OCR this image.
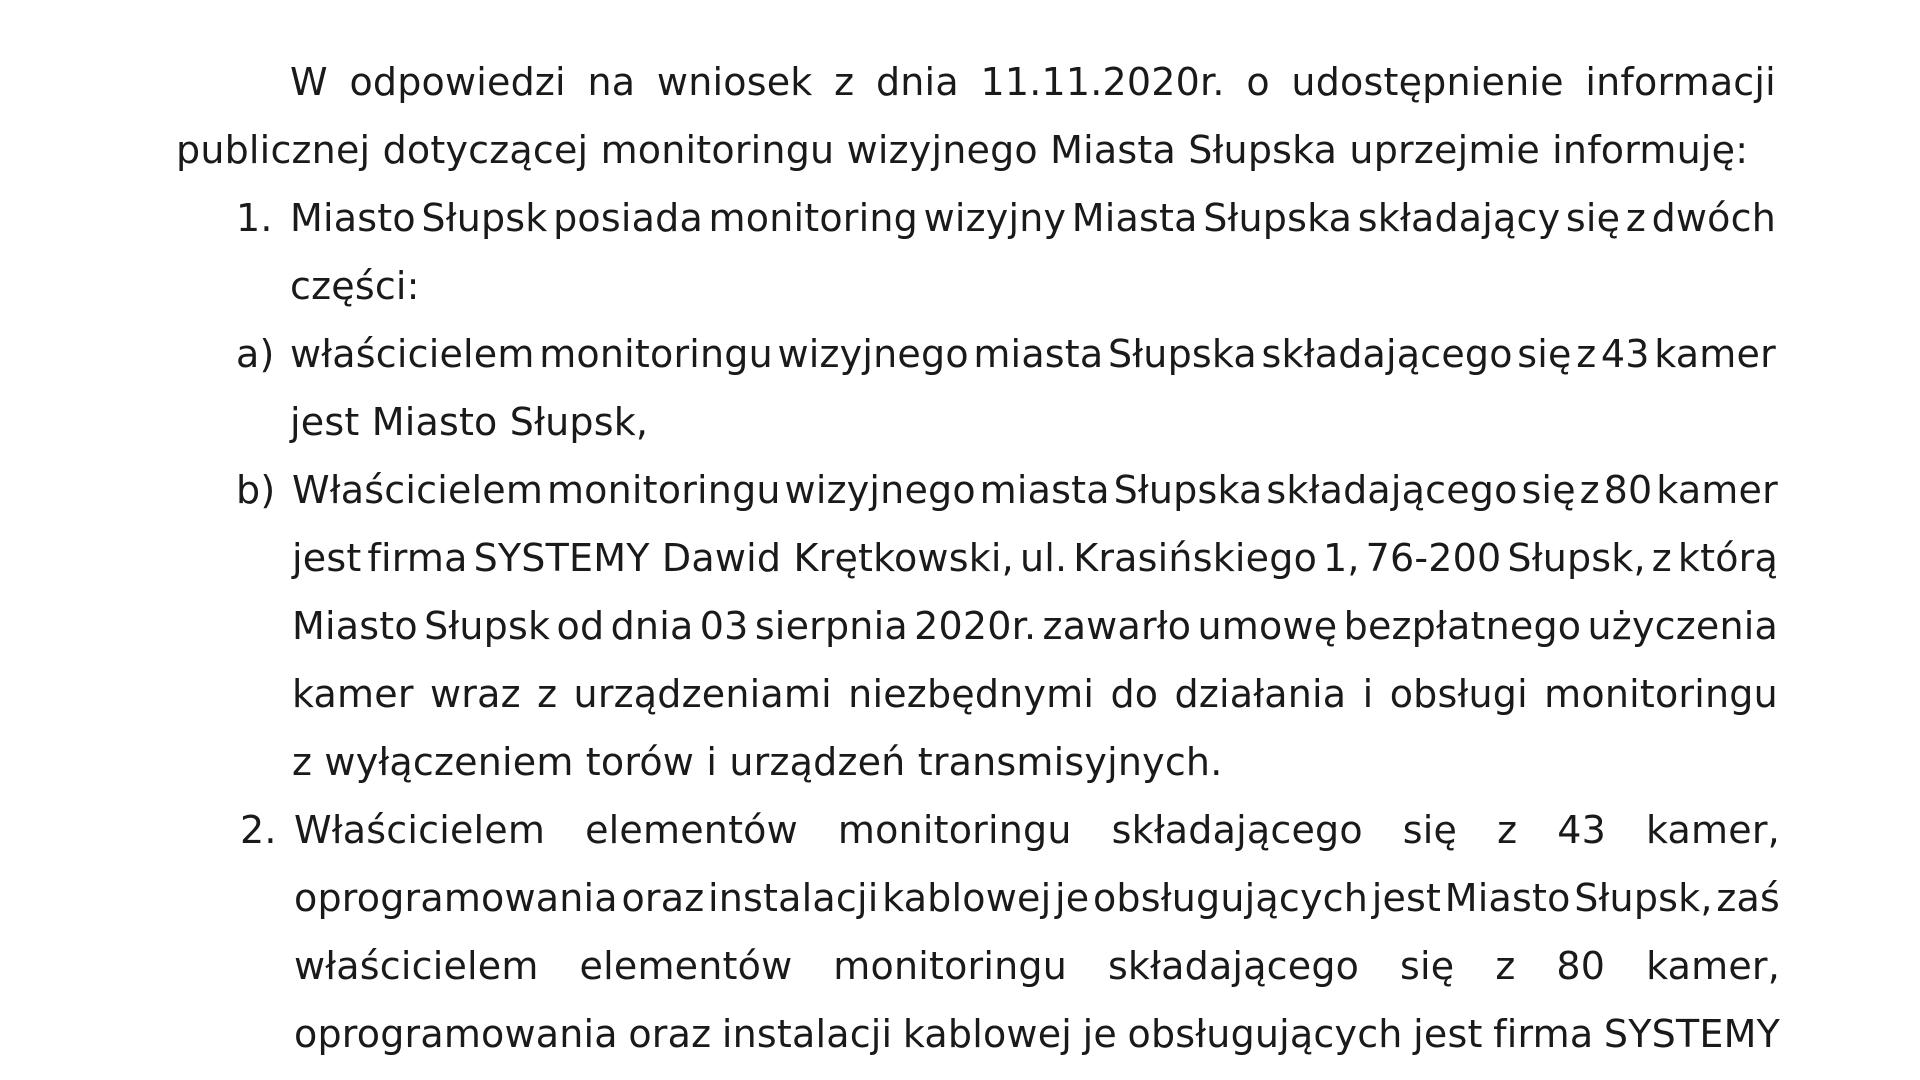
W odpowiedzi na wniosek z dnia 11.11.2020r. o udostępnienie informacji
publicznej dotyczącej monitoringu wizyjnego Miasta Słupska uprzejmie informuję:
1. Miasto Słupsk posiada monitoring wizyjny Miasta Słupska składający się z dwóch
części:
a) właścicielem monitoringu wizyjnego miasta Słupska składającego się z 43 kamer
jest Miasto Słupsk,
b) Właścicielem monitoringu wizyjnego miasta Słupska składającego się z 80 kamer
jest firma SYSTEMY Dawid Krętkowski, ul. Krasińskiego 1, 76-200 Słupsk, z którą
Miasto Słupsk od dnia 03 sierpnia 2020r. zawarło umowę bezpłatnego użyczenia
kamer wraz z urządzeniami niezbędnymi do działania i obsługi monitoringu
z wyłączeniem torów i urządzeń transmisyjnych.
2. Właścicielem elementów monitoringu składającego się z 43 kamer,
oprogramowania oraz instalacji kablowej je obsługujących jest Miasto Słupsk, zaś
właścicielem elementów monitoringu składającego się z 80 kamer,
oprogramowania oraz instalacji kablowej je obsługujących jest firma SYSTEMY
